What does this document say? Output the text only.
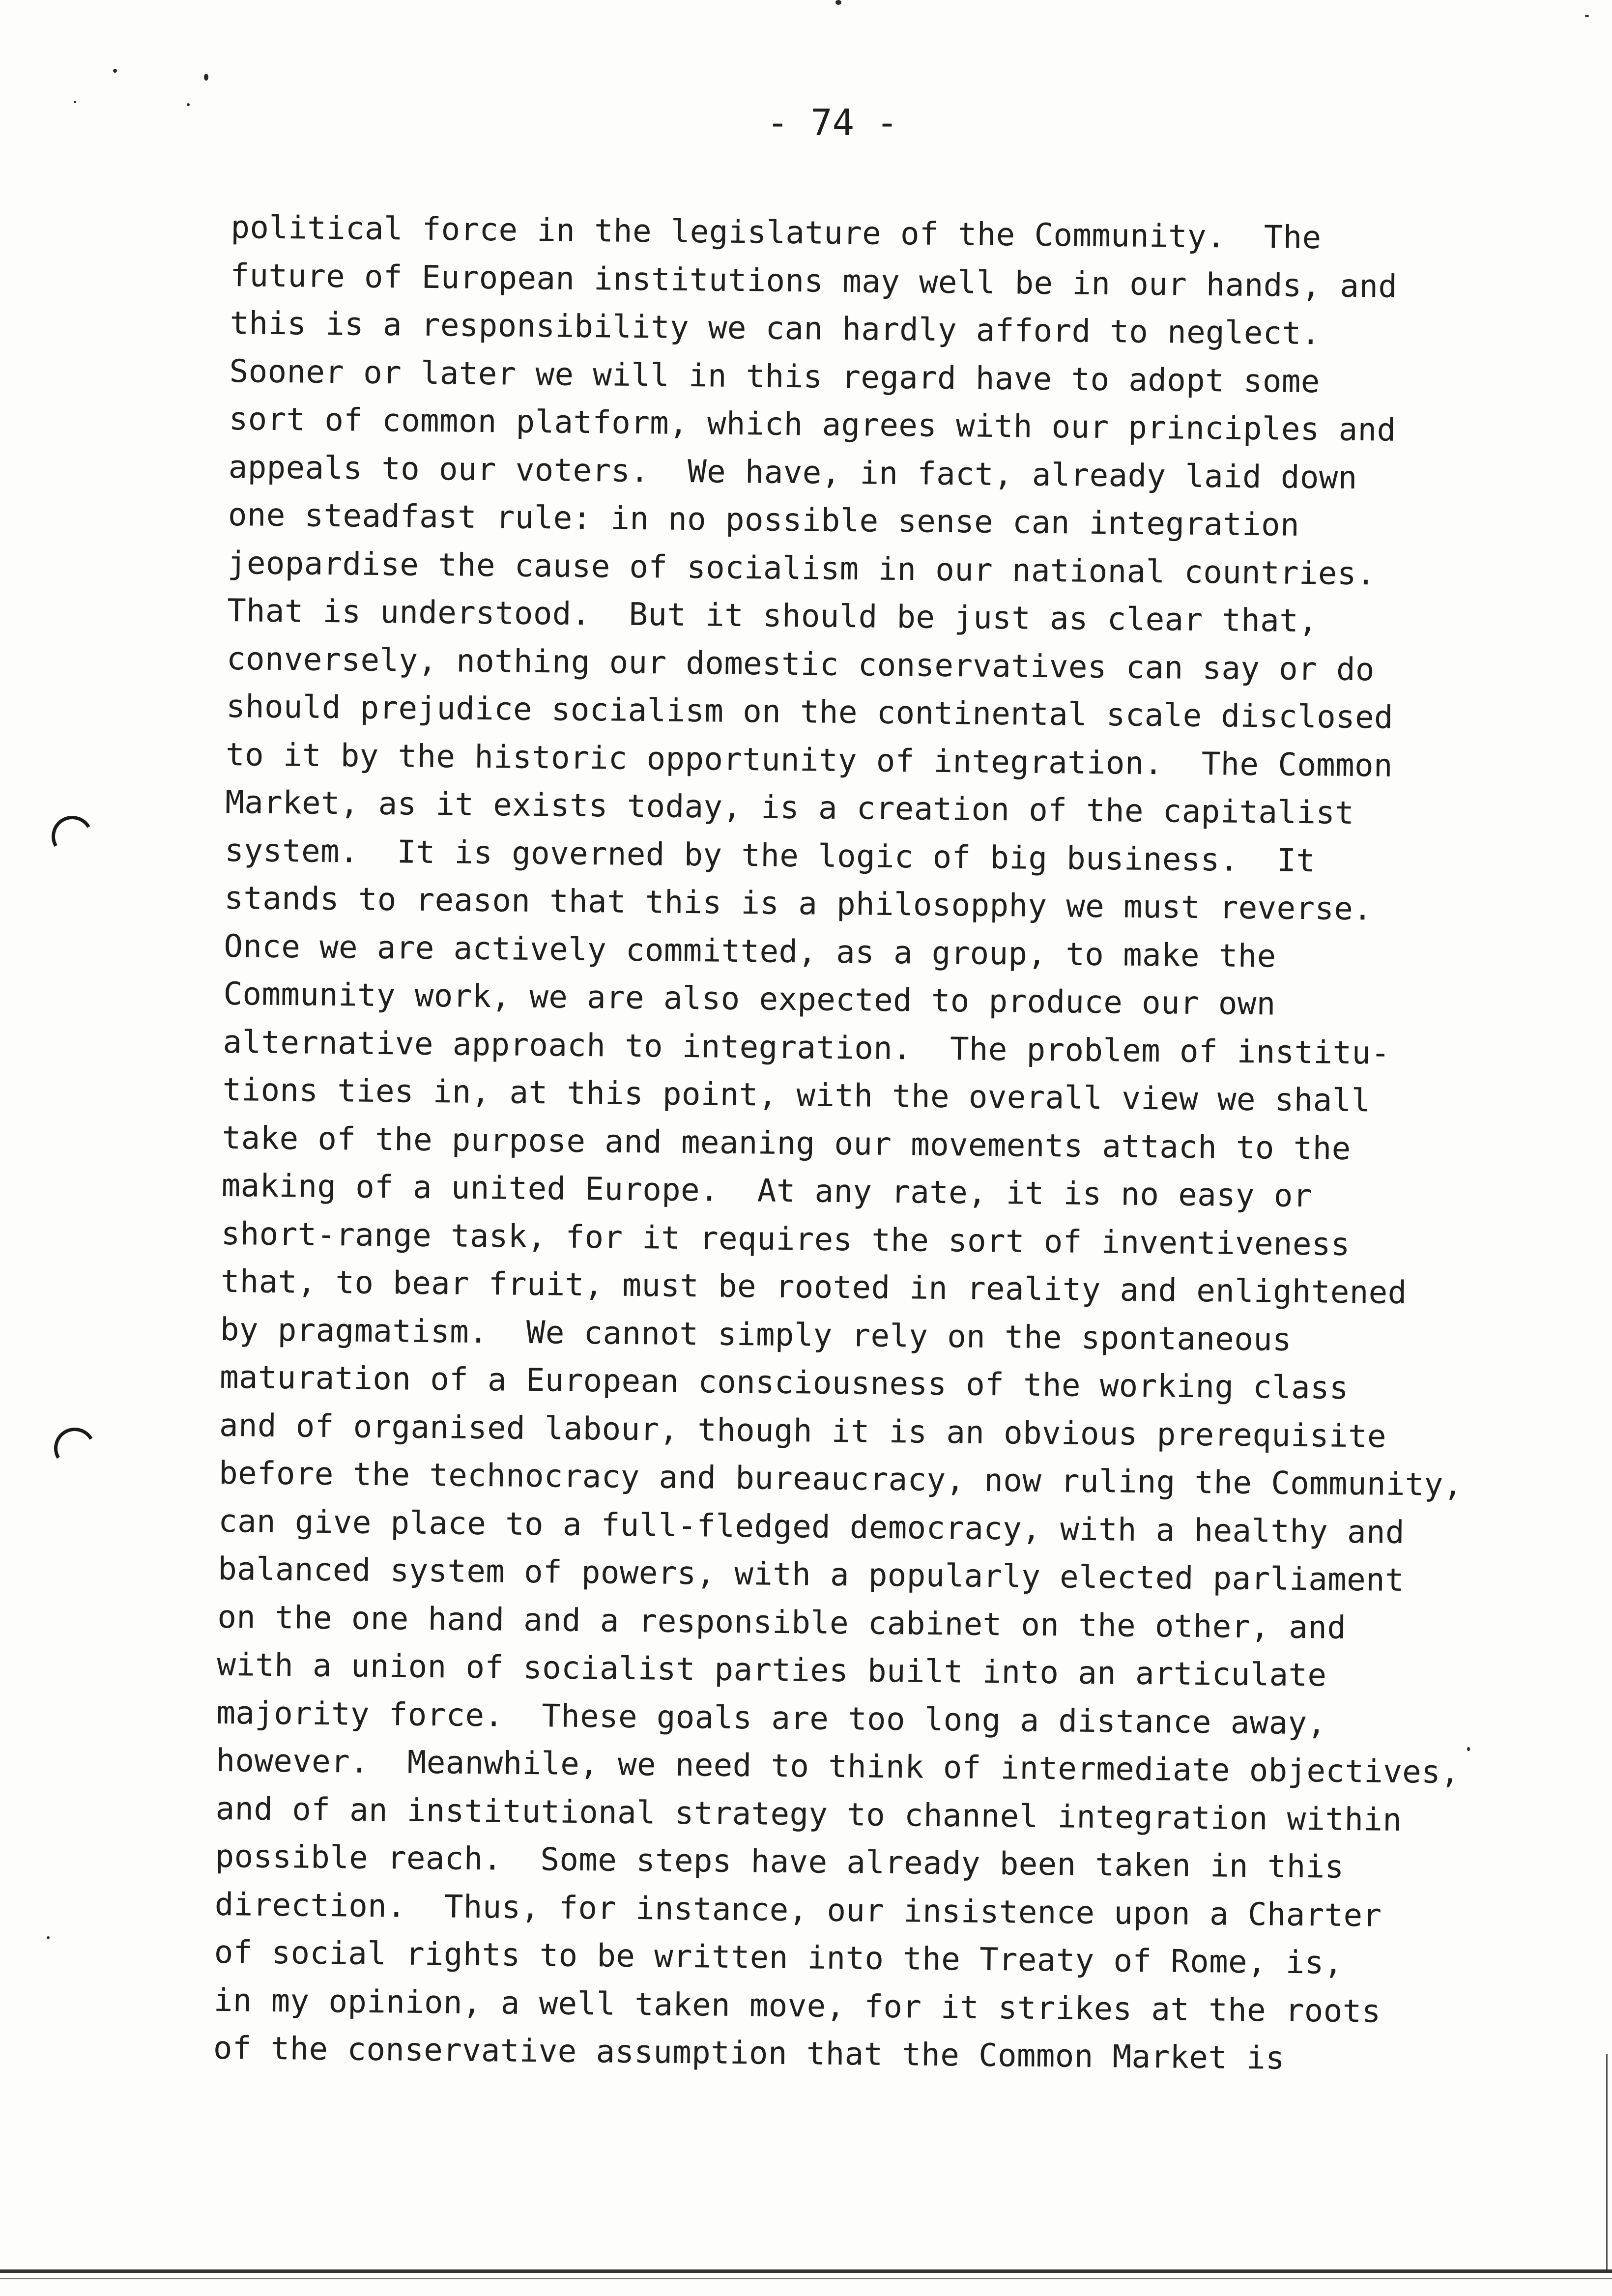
- 74 -
political force in the legislature of the Community.  The
future of European institutions may well be in our hands, and
this is a responsibility we can hardly afford to neglect.
Sooner or later we will in this regard have to adopt some
sort of common platform, which agrees with our principles and
appeals to our voters.  We have, in fact, already laid down
one steadfast rule: in no possible sense can integration
jeopardise the cause of socialism in our national countries.
That is understood.  But it should be just as clear that,
conversely, nothing our domestic conservatives can say or do
should prejudice socialism on the continental scale disclosed
to it by the historic opportunity of integration.  The Common
Market, as it exists today, is a creation of the capitalist
system.  It is governed by the logic of big business.  It
stands to reason that this is a philosopphy we must reverse.
Once we are actively committed, as a group, to make the
Community work, we are also expected to produce our own
alternative approach to integration.  The problem of institu-
tions ties in, at this point, with the overall view we shall
take of the purpose and meaning our movements attach to the
making of a united Europe.  At any rate, it is no easy or
short-range task, for it requires the sort of inventiveness
that, to bear fruit, must be rooted in reality and enlightened
by pragmatism.  We cannot simply rely on the spontaneous
maturation of a European consciousness of the working class
and of organised labour, though it is an obvious prerequisite
before the technocracy and bureaucracy, now ruling the Community,
can give place to a full-fledged democracy, with a healthy and
balanced system of powers, with a popularly elected parliament
on the one hand and a responsible cabinet on the other, and
with a union of socialist parties built into an articulate
majority force.  These goals are too long a distance away,
however.  Meanwhile, we need to think of intermediate objectives,
and of an institutional strategy to channel integration within
possible reach.  Some steps have already been taken in this
direction.  Thus, for instance, our insistence upon a Charter
of social rights to be written into the Treaty of Rome, is,
in my opinion, a well taken move, for it strikes at the roots
of the conservative assumption that the Common Market is
